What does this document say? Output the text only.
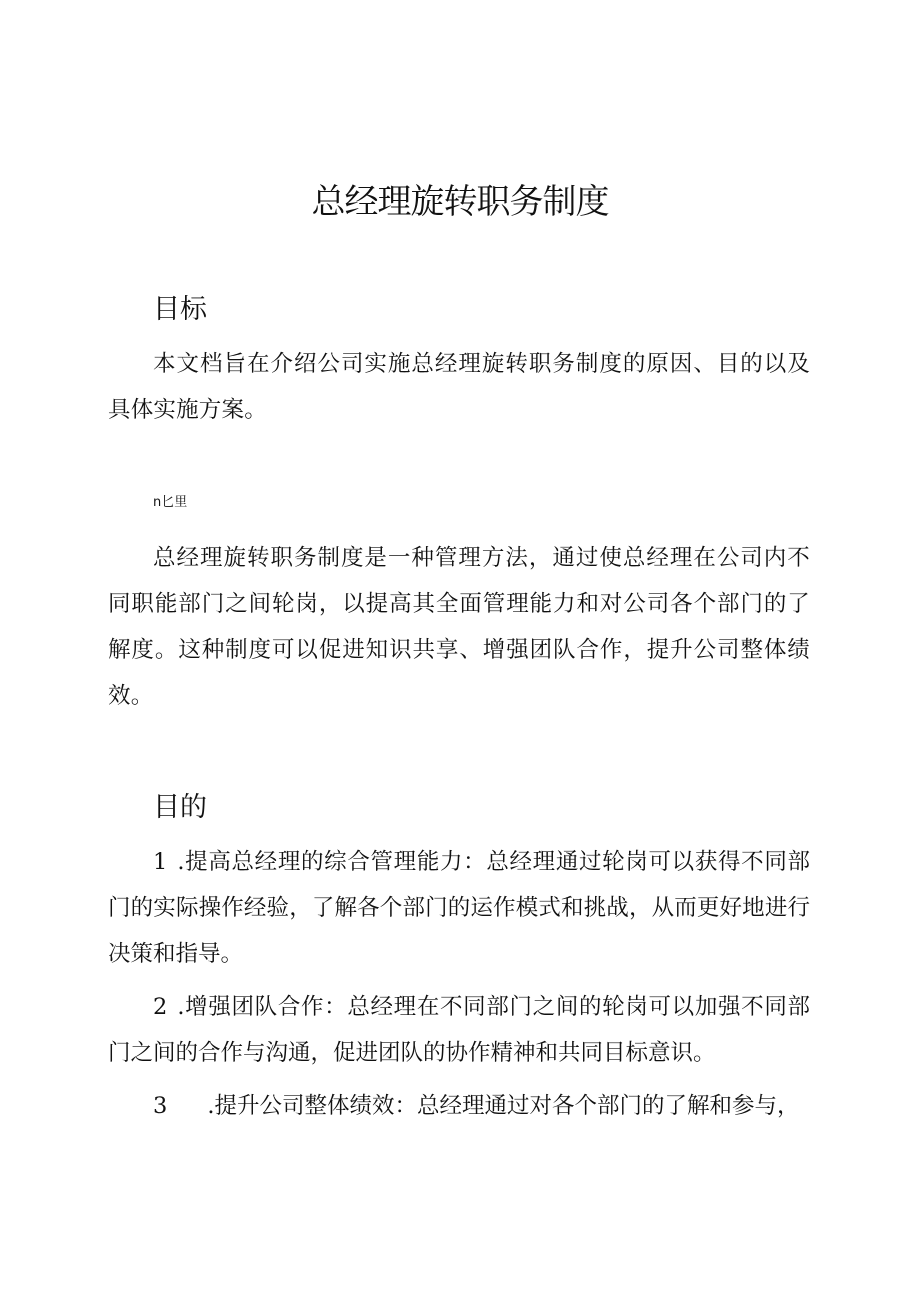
总经理旋转职务制度
目标

本文档旨在介绍公司实施总经理旋转职务制度的原因、目的以及具体实施方案。

n匕里

总经理旋转职务制度是一种管理方法，通过使总经理在公司内不同职能部门之间轮岗，以提高其全面管理能力和对公司各个部门的了解度。这种制度可以促进知识共享、增强团队合作，提升公司整体绩效。

目的

1 .提高总经理的综合管理能力：总经理通过轮岗可以获得不同部门的实际操作经验，了解各个部门的运作模式和挑战，从而更好地进行决策和指导。

2 .增强团队合作：总经理在不同部门之间的轮岗可以加强不同部门之间的合作与沟通，促进团队的协作精神和共同目标意识。

3 .提升公司整体绩效：总经理通过对各个部门的了解和参与，
